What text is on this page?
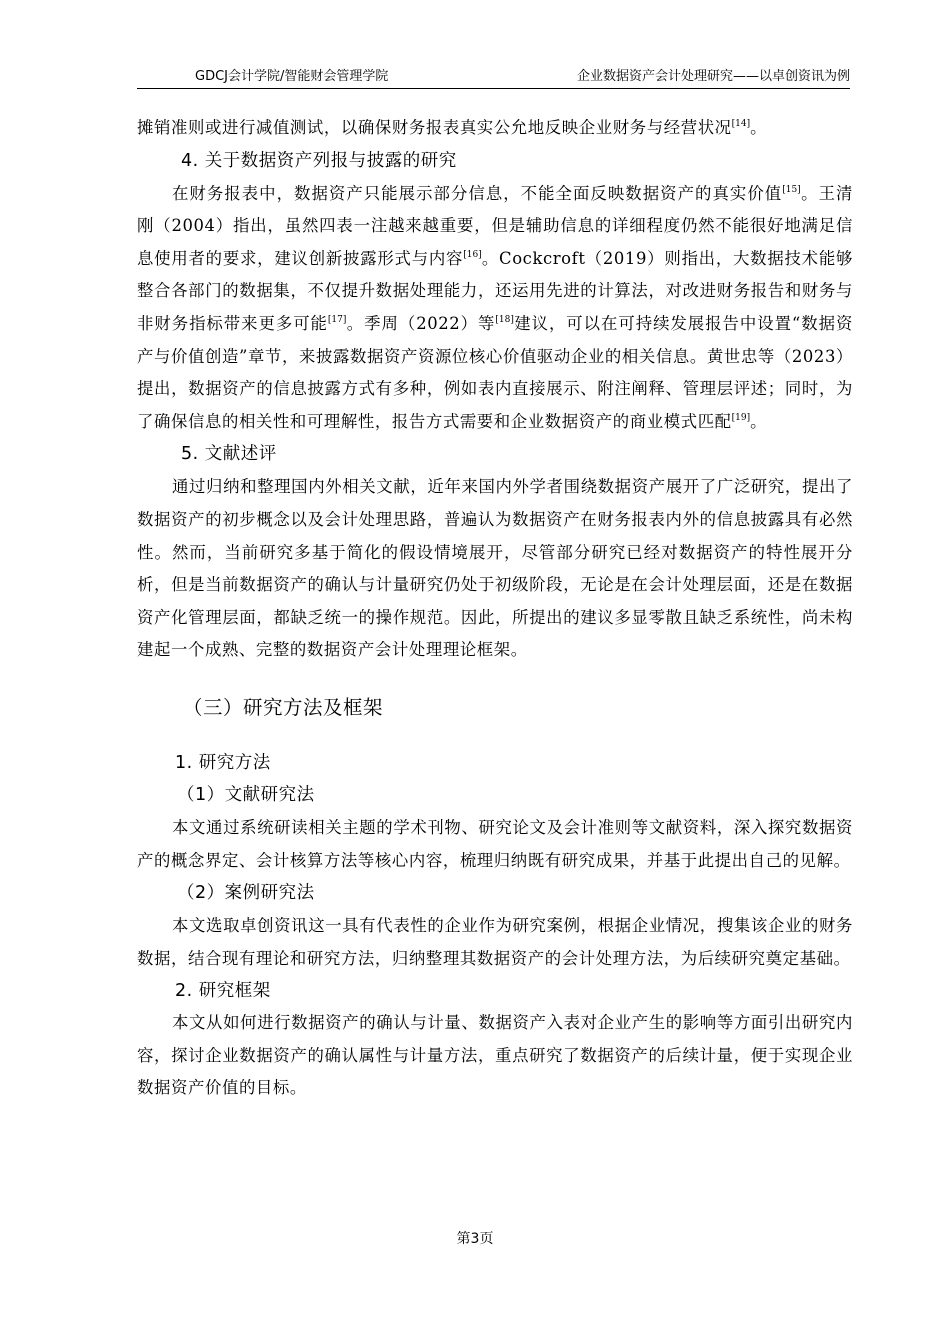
GDCJ会计学院/智能财会管理学院	企业数据资产会计处理研究——以卓创资讯为例

摊销准则或进行减值测试，以确保财务报表真实公允地反映企业财务与经营状况[14]。

4. 关于数据资产列报与披露的研究

在财务报表中，数据资产只能展示部分信息，不能全面反映数据资产的真实价值[15]。王清刚（2004）指出，虽然四表一注越来越重要，但是辅助信息的详细程度仍然不能很好地满足信息使用者的要求，建议创新披露形式与内容[16]。Cockcroft（2019）则指出，大数据技术能够整合各部门的数据集，不仅提升数据处理能力，还运用先进的计算法，对改进财务报告和财务与非财务指标带来更多可能[17]。季周（2022）等[18]建议，可以在可持续发展报告中设置“数据资产与价值创造”章节，来披露数据资产资源位核心价值驱动企业的相关信息。黄世忠等（2023）提出，数据资产的信息披露方式有多种，例如表内直接展示、附注阐释、管理层评述；同时，为了确保信息的相关性和可理解性，报告方式需要和企业数据资产的商业模式匹配[19]。

5. 文献述评

通过归纳和整理国内外相关文献，近年来国内外学者围绕数据资产展开了广泛研究，提出了数据资产的初步概念以及会计处理思路，普遍认为数据资产在财务报表内外的信息披露具有必然性。然而，当前研究多基于简化的假设情境展开，尽管部分研究已经对数据资产的特性展开分析，但是当前数据资产的确认与计量研究仍处于初级阶段，无论是在会计处理层面，还是在数据资产化管理层面，都缺乏统一的操作规范。因此，所提出的建议多显零散且缺乏系统性，尚未构建起一个成熟、完整的数据资产会计处理理论框架。

（三）研究方法及框架
1. 研究方法
（1）文献研究法

本文通过系统研读相关主题的学术刊物、研究论文及会计准则等文献资料，深入探究数据资产的概念界定、会计核算方法等核心内容，梳理归纳既有研究成果，并基于此提出自己的见解。

（2）案例研究法

本文选取卓创资讯这一具有代表性的企业作为研究案例，根据企业情况，搜集该企业的财务数据，结合现有理论和研究方法，归纳整理其数据资产的会计处理方法，为后续研究奠定基础。

2. 研究框架

本文从如何进行数据资产的确认与计量、数据资产入表对企业产生的影响等方面引出研究内容，探讨企业数据资产的确认属性与计量方法，重点研究了数据资产的后续计量，便于实现企业数据资产价值的目标。

第3页
